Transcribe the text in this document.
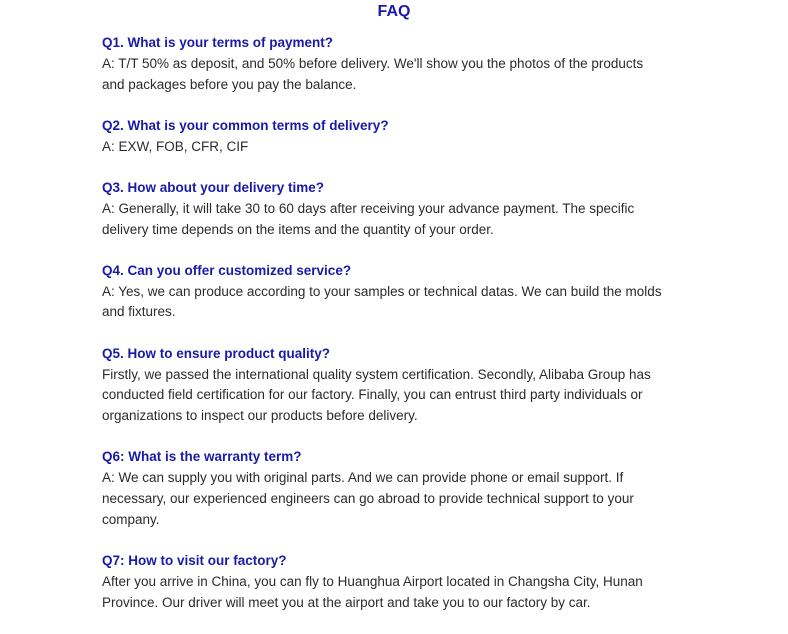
FAQ
Q1. What is your terms of payment?
A: T/T 50% as deposit, and 50% before delivery. We'll show you the photos of the products
and packages before you pay the balance.
Q2. What is your common terms of delivery?
A: EXW, FOB, CFR, CIF
Q3. How about your delivery time?
A: Generally, it will take 30 to 60 days after receiving your advance payment. The specific
delivery time depends on the items and the quantity of your order.
Q4. Can you offer customized service?
A: Yes, we can produce according to your samples or technical datas. We can build the molds
and fixtures.
Q5. How to ensure product quality?
Firstly, we passed the international quality system certification. Secondly, Alibaba Group has
conducted field certification for our factory. Finally, you can entrust third party individuals or
organizations to inspect our products before delivery.
Q6: What is the warranty term?
A: We can supply you with original parts. And we can provide phone or email support. If
necessary, our experienced engineers can go abroad to provide technical support to your
company.
Q7: How to visit our factory?
After you arrive in China, you can fly to Huanghua Airport located in Changsha City, Hunan
Province. Our driver will meet you at the airport and take you to our factory by car.
